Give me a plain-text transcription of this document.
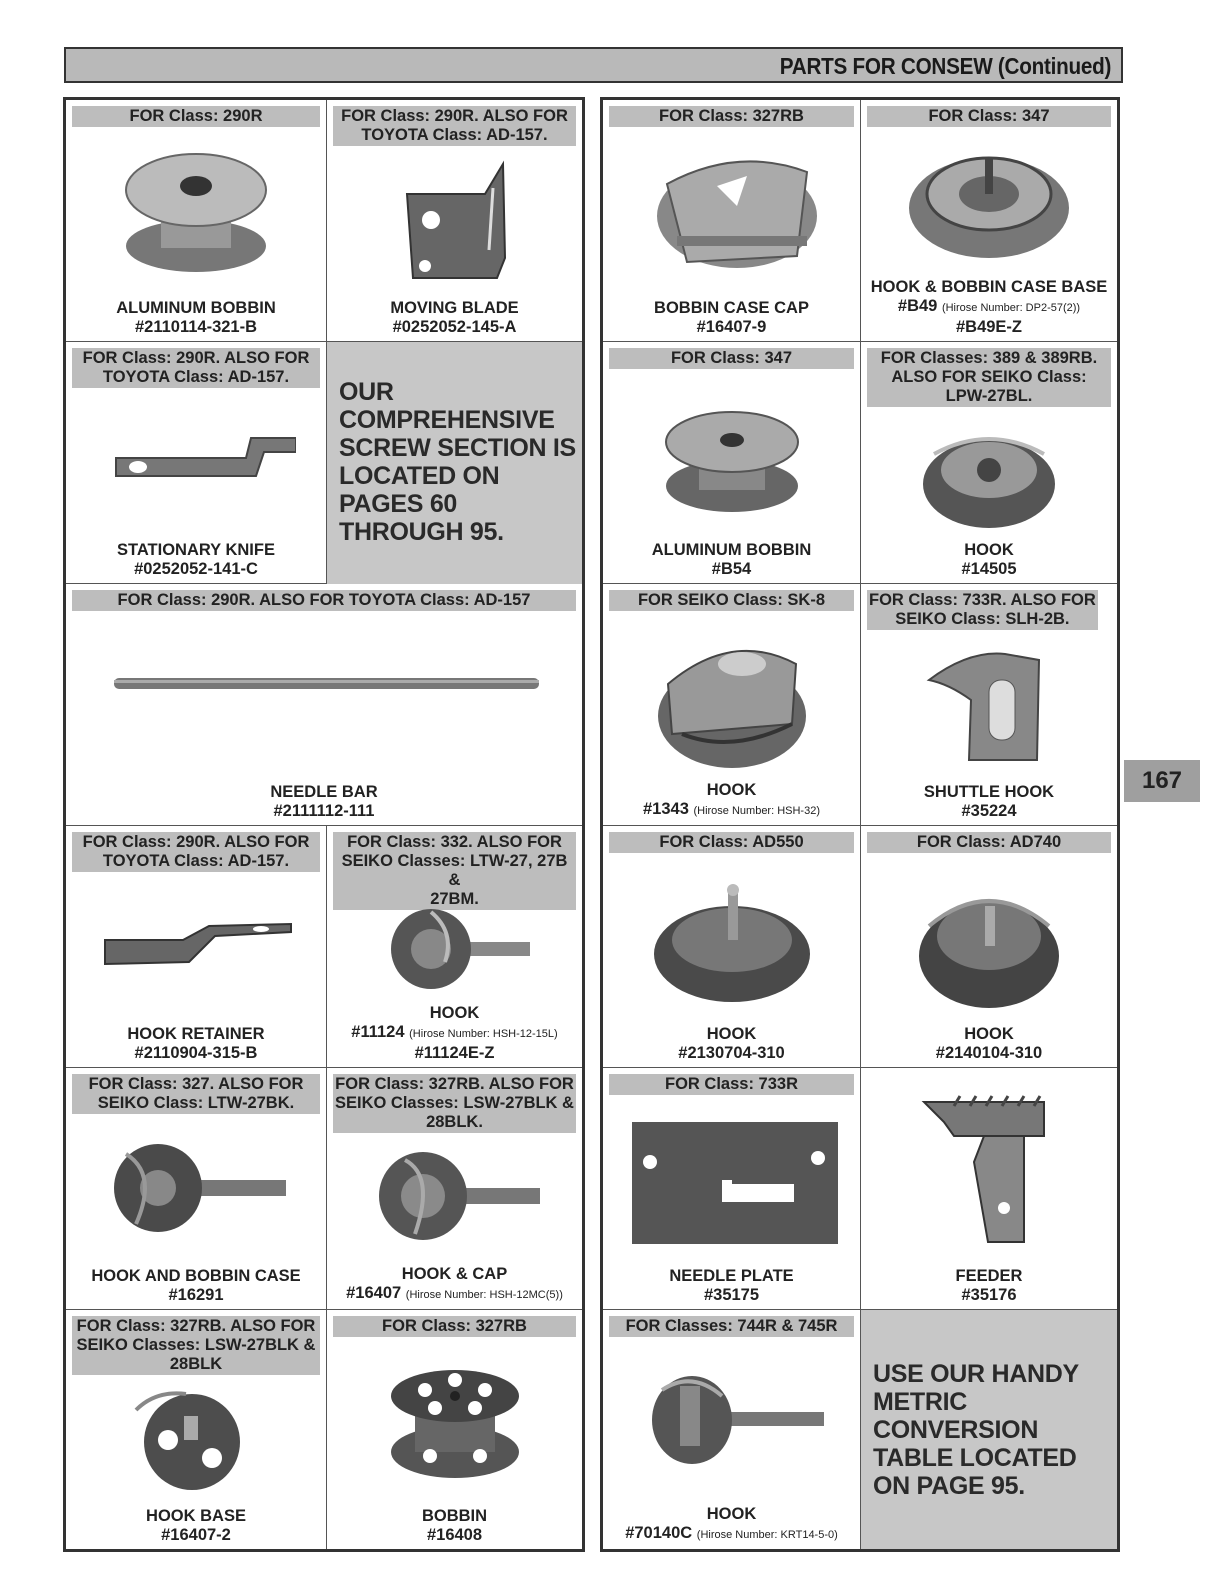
PARTS FOR CONSEW (Continued)
167
FOR Class: 290R
ALUMINUM BOBBIN
#2110114-321-B
FOR Class: 290R. ALSO FOR
TOYOTA Class: AD-157.
MOVING BLADE
#0252052-145-A
FOR Class: 290R. ALSO FOR
TOYOTA Class: AD-157.
STATIONARY KNIFE
#0252052-141-C
OUR
COMPREHENSIVE
SCREW SECTION IS
LOCATED ON
PAGES 60
THROUGH 95.
FOR Class: 290R. ALSO FOR TOYOTA Class: AD-157
NEEDLE BAR
#2111112-111
FOR Class: 290R. ALSO FOR
TOYOTA Class: AD-157.
HOOK RETAINER
#2110904-315-B
FOR Class: 332. ALSO FOR
SEIKO Classes: LTW-27, 27B &
27BM.
HOOK
#11124 (Hirose Number: HSH-12-15L)
#11124E-Z
FOR Class: 327. ALSO FOR
SEIKO Class: LTW-27BK.
HOOK AND BOBBIN CASE
#16291
FOR Class: 327RB. ALSO FOR
SEIKO Classes: LSW-27BLK &
28BLK.
HOOK & CAP
#16407 (Hirose Number: HSH-12MC(5))
FOR Class: 327RB. ALSO FOR
SEIKO Classes: LSW-27BLK &
28BLK
HOOK BASE
#16407-2
FOR Class: 327RB
BOBBIN
#16408
FOR Class: 327RB
BOBBIN CASE CAP
#16407-9
FOR Class: 347
HOOK & BOBBIN CASE BASE
#B49 (Hirose Number: DP2-57(2))
#B49E-Z
FOR Class: 347
ALUMINUM BOBBIN
#B54
FOR Classes: 389 & 389RB.
ALSO FOR SEIKO Class:
LPW-27BL.
HOOK
#14505
FOR SEIKO Class: SK-8
HOOK
#1343 (Hirose Number: HSH-32)
FOR Class: 733R. ALSO FOR
SEIKO Class: SLH-2B.
SHUTTLE HOOK
#35224
FOR Class: AD550
HOOK
#2130704-310
FOR Class: AD740
HOOK
#2140104-310
FOR Class: 733R
NEEDLE PLATE
#35175
FEEDER
#35176
FOR Classes: 744R & 745R
HOOK
#70140C (Hirose Number: KRT14-5-0)
USE OUR HANDY
METRIC
CONVERSION
TABLE LOCATED
ON PAGE 95.
